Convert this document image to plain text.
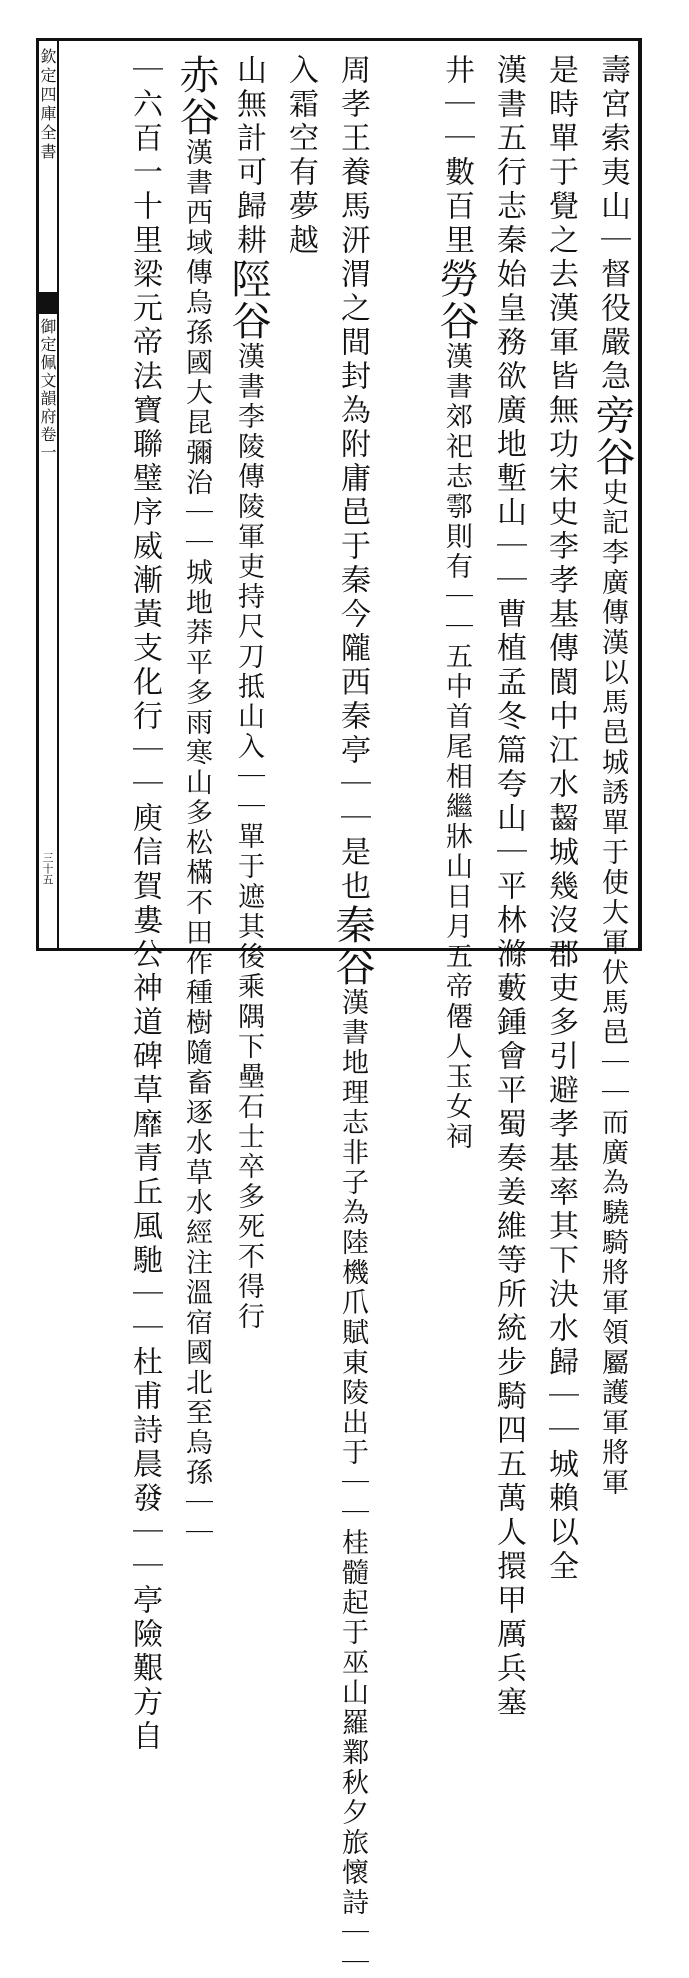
欽定四庫全書
御定佩文韻府卷一
三十五
壽宮索夷山｜督役嚴急旁谷史記李廣傳漢以馬邑城誘單于使大軍伏馬邑｜｜而廣為驍騎將軍領屬護軍將軍
是時單于覺之去漢軍皆無功宋史李孝基傳閬中江水齧城幾沒郡吏多引避孝基率其下決水歸｜｜城賴以全
漢書五行志秦始皇務欲廣地塹山｜｜曹植孟冬篇夸山｜平林滌藪鍾會平蜀奏姜維等所統步騎四五萬人擐甲厲兵塞
井｜｜數百里勞谷漢書郊祀志鄠則有｜｜五中首尾相繼牀山日月五帝僊人玉女祠
周孝王養馬汧渭之間封為附庸邑于秦今隴西秦亭｜｜是也秦谷漢書地理志非子為陸機爪賦東陵出于｜｜桂髓起于巫山羅鄴秋夕旅懷詩｜｜
入霜空有夢越
山無計可歸耕陘谷漢書李陵傳陵軍吏持尺刀抵山入｜｜單于遮其後乘隅下壘石士卒多死不得行
赤谷漢書西域傳烏孫國大昆彌治｜｜城地莽平多雨寒山多松樠不田作種樹隨畜逐水草水經注溫宿國北至烏孫｜｜
｜六百一十里梁元帝法寶聯璧序威漸黃支化行｜｜庾信賀婁公神道碑草靡青丘風馳｜｜杜甫詩晨發｜｜亭險艱方自
